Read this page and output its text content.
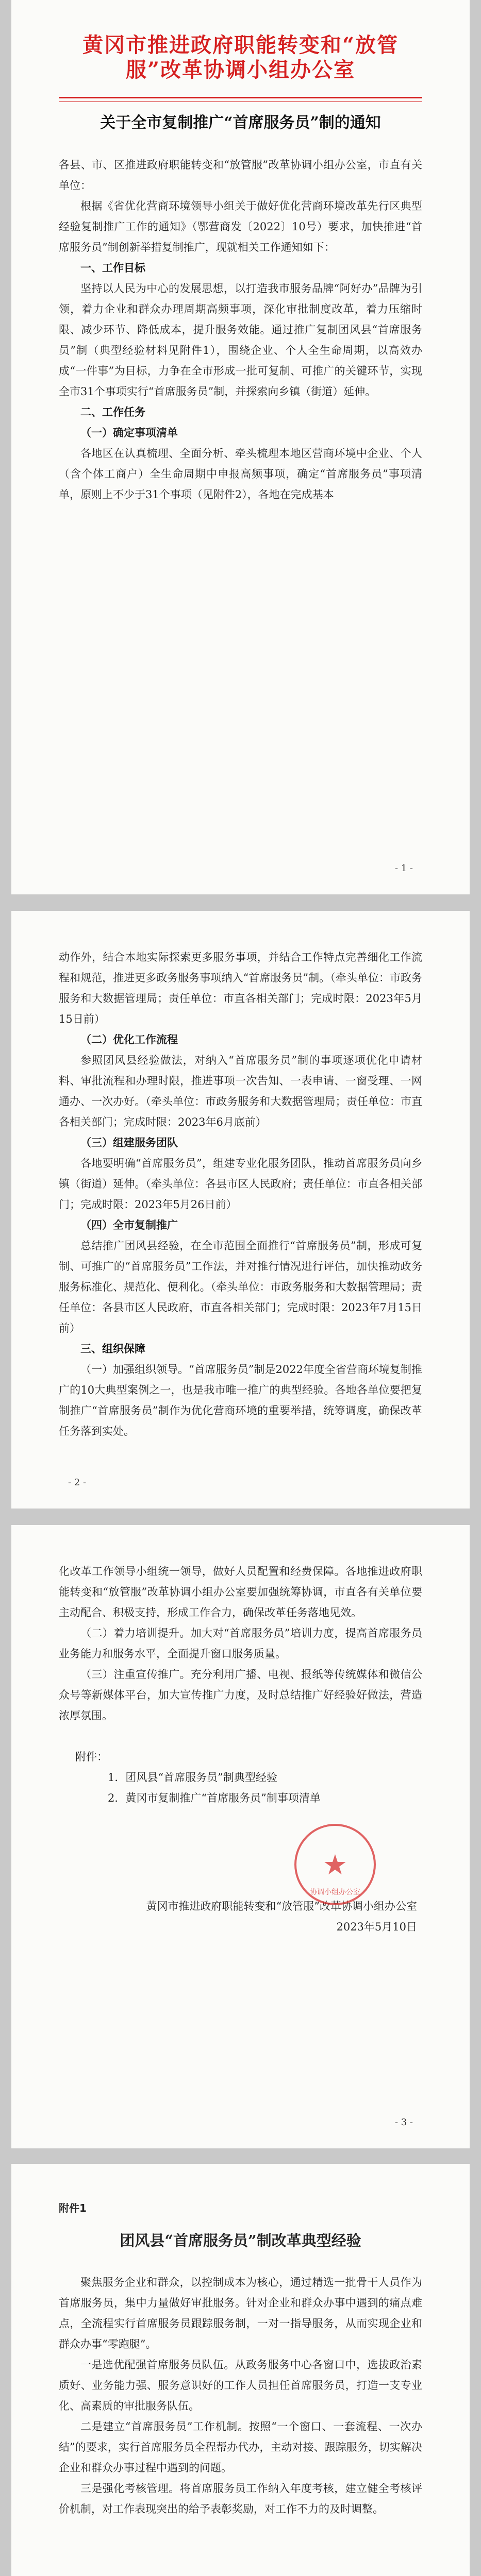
黄冈市推进政府职能转变和“放管服”改革协调小组办公室
关于全市复制推广“首席服务员”制的通知

各县、市、区推进政府职能转变和“放管服”改革协调小组办公室，市直有关单位：

根据《省优化营商环境领导小组关于做好优化营商环境改革先行区典型经验复制推广工作的通知》（鄂营商发〔2022〕10号）要求，加快推进“首席服务员”制创新举措复制推广，现就相关工作通知如下：

一、工作目标

坚持以人民为中心的发展思想，以打造我市服务品牌“阿好办”品牌为引领，着力企业和群众办理周期高频事项，深化审批制度改革，着力压缩时限、减少环节、降低成本，提升服务效能。通过推广复制团风县“首席服务员”制（典型经验材料见附件1），围绕企业、个人全生命周期，以高效办成“一件事”为目标，力争在全市形成一批可复制、可推广的关键环节，实现全市31个事项实行“首席服务员”制，并探索向乡镇（街道）延伸。

二、工作任务
（一）确定事项清单

各地区在认真梳理、全面分析、牵头梳理本地区营商环境中企业、个人（含个体工商户）全生命周期中申报高频事项，确定“首席服务员”事项清单，原则上不少于31个事项（见附件2），各地在完成基本

- 1 -

动作外，结合本地实际探索更多服务事项，并结合工作特点完善细化工作流程和规范，推进更多政务服务事项纳入“首席服务员”制。（牵头单位：市政务服务和大数据管理局；责任单位：市直各相关部门；完成时限：2023年5月15日前）

（二）优化工作流程

参照团风县经验做法，对纳入“首席服务员”制的事项逐项优化申请材料、审批流程和办理时限，推进事项一次告知、一表申请、一窗受理、一网通办、一次办好。（牵头单位：市政务服务和大数据管理局；责任单位：市直各相关部门；完成时限：2023年6月底前）

（三）组建服务团队

各地要明确“首席服务员”，组建专业化服务团队，推动首席服务员向乡镇（街道）延伸。（牵头单位：各县市区人民政府；责任单位：市直各相关部门；完成时限：2023年5月26日前）

（四）全市复制推广

总结推广团风县经验，在全市范围全面推行“首席服务员”制，形成可复制、可推广的“首席服务员”工作法，并对推行情况进行评估，加快推动政务服务标准化、规范化、便利化。（牵头单位：市政务服务和大数据管理局；责任单位：各县市区人民政府，市直各相关部门；完成时限：2023年7月15日前）

三、组织保障

（一）加强组织领导。“首席服务员”制是2022年度全省营商环境复制推广的10大典型案例之一，也是我市唯一推广的典型经验。各地各单位要把复制推广“首席服务员”制作为优化营商环境的重要举措，统筹调度，确保改革任务落到实处。

- 2 -

化改革工作领导小组统一领导，做好人员配置和经费保障。各地推进政府职能转变和“放管服”改革协调小组办公室要加强统筹协调，市直各有关单位要主动配合、积极支持，形成工作合力，确保改革任务落地见效。

（二）着力培训提升。加大对“首席服务员”培训力度，提高首席服务员业务能力和服务水平，全面提升窗口服务质量。

（三）注重宣传推广。充分利用广播、电视、报纸等传统媒体和微信公众号等新媒体平台，加大宣传推广力度，及时总结推广好经验好做法，营造浓厚氛围。

附件：

1．团风县“首席服务员”制典型经验

2．黄冈市复制推广“首席服务员”制事项清单

★
协调小组办公室
黄冈市推进政府职能转变和“放管服”改革协调小组办公室
2023年5月10日
- 3 -
附件1
团风县“首席服务员”制改革典型经验

聚焦服务企业和群众，以控制成本为核心，通过精选一批骨干人员作为首席服务员，集中力量做好审批服务。针对企业和群众办事中遇到的痛点难点，全流程实行首席服务员跟踪服务制，一对一指导服务，从而实现企业和群众办事“零跑腿”。

一是选优配强首席服务员队伍。从政务服务中心各窗口中，选拔政治素质好、业务能力强、服务意识好的工作人员担任首席服务员，打造一支专业化、高素质的审批服务队伍。

二是建立“首席服务员”工作机制。按照“一个窗口、一套流程、一次办结”的要求，实行首席服务员全程帮办代办，主动对接、跟踪服务，切实解决企业和群众办事过程中遇到的问题。

三是强化考核管理。将首席服务员工作纳入年度考核，建立健全考核评价机制，对工作表现突出的给予表彰奖励，对工作不力的及时调整。
